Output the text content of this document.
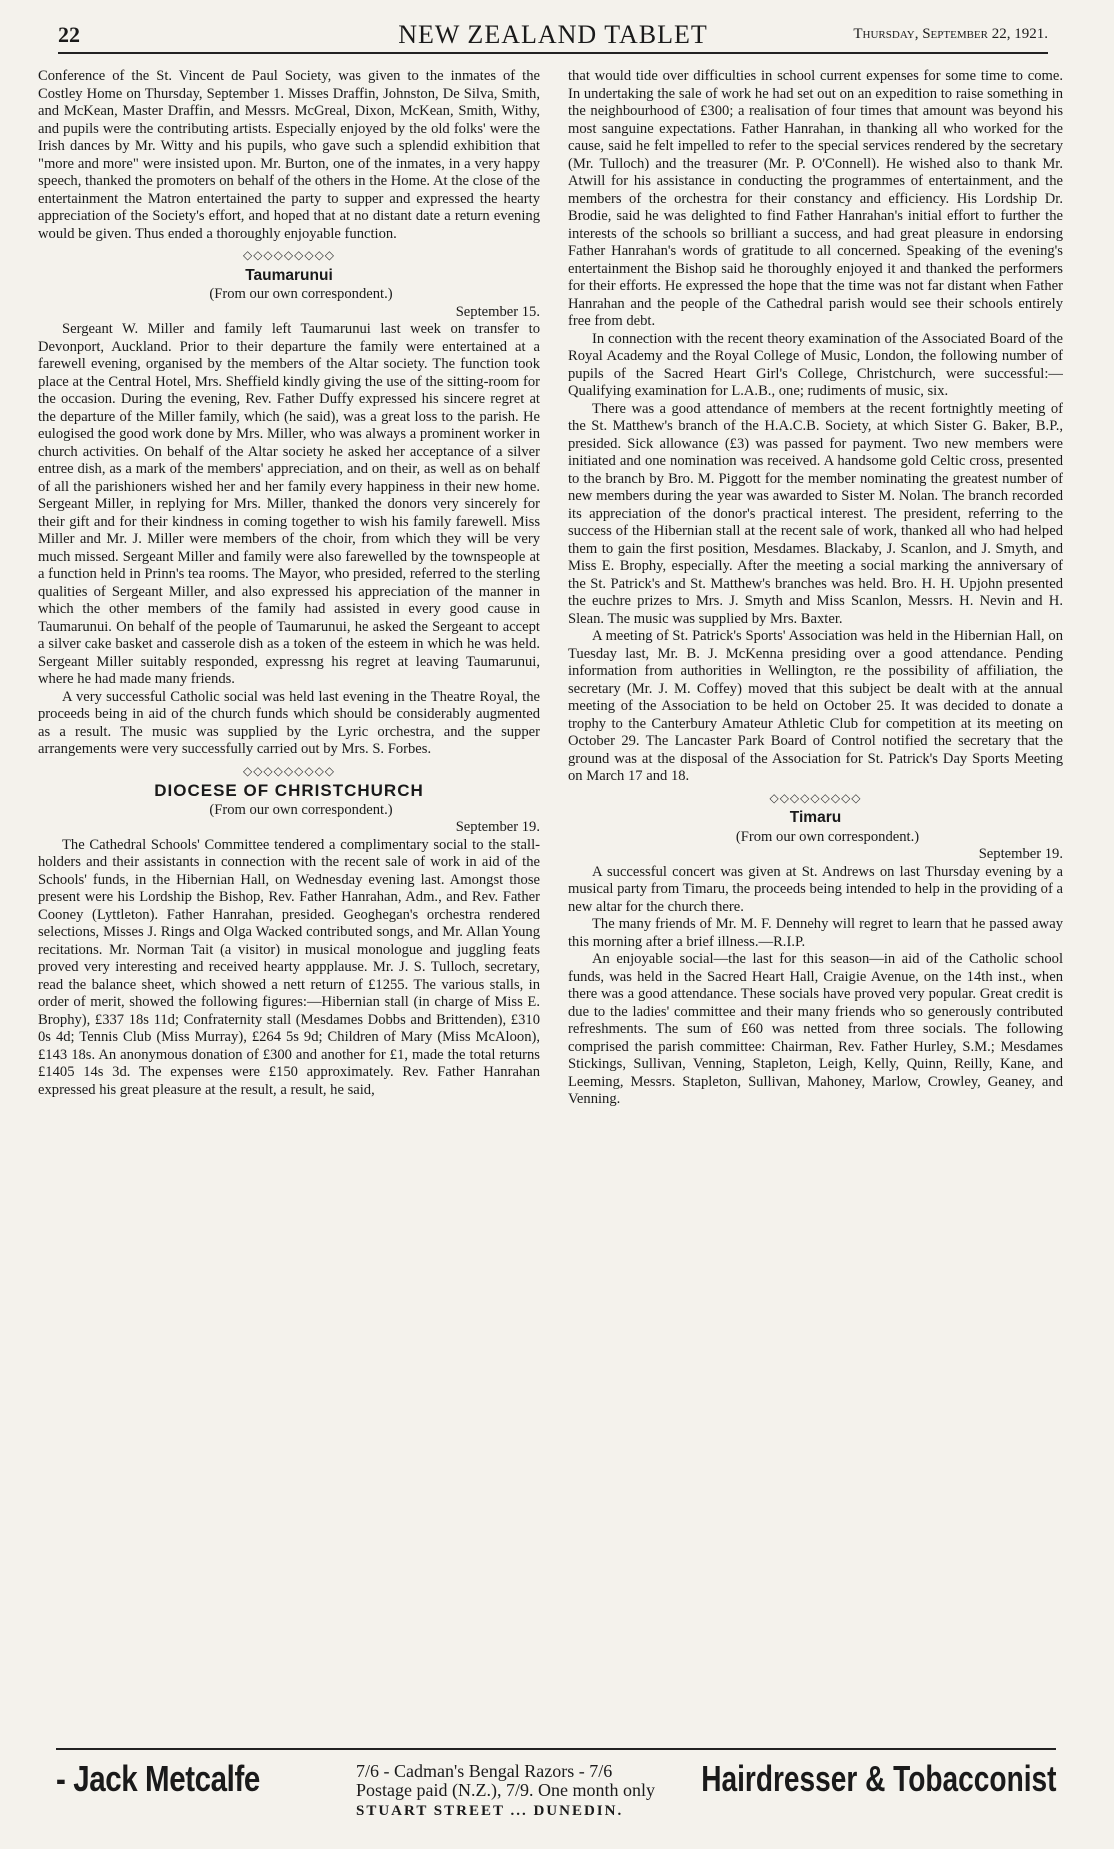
22	NEW ZEALAND TABLET	Thursday, September 22, 1921.

Conference of the St. Vincent de Paul Society, was given to the inmates of the Costley Home on Thursday, September 1. Misses Draffin, Johnston, De Silva, Smith, and McKean, Master Draffin, and Messrs. McGreal, Dixon, McKean, Smith, Withy, and pupils were the contributing artists. Especially enjoyed by the old folks' were the Irish dances by Mr. Witty and his pupils, who gave such a splendid exhibition that "more and more" were insisted upon. Mr. Burton, one of the inmates, in a very happy speech, thanked the promoters on behalf of the others in the Home. At the close of the entertainment the Matron entertained the party to supper and expressed the hearty appreciation of the Society's effort, and hoped that at no distant date a return evening would be given. Thus ended a thoroughly enjoyable function.

◇◇◇◇◇◇◇◇◇
Taumarunui

(From our own correspondent.)

September 15.

Sergeant W. Miller and family left Taumarunui last week on transfer to Devonport, Auckland. Prior to their departure the family were entertained at a farewell evening, organised by the members of the Altar society. The function took place at the Central Hotel, Mrs. Sheffield kindly giving the use of the sitting-room for the occasion. During the evening, Rev. Father Duffy expressed his sincere regret at the departure of the Miller family, which (he said), was a great loss to the parish. He eulogised the good work done by Mrs. Miller, who was always a prominent worker in church activities. On behalf of the Altar society he asked her acceptance of a silver entree dish, as a mark of the members' appreciation, and on their, as well as on behalf of all the parishioners wished her and her family every happiness in their new home. Sergeant Miller, in replying for Mrs. Miller, thanked the donors very sincerely for their gift and for their kindness in coming together to wish his family farewell. Miss Miller and Mr. J. Miller were members of the choir, from which they will be very much missed. Sergeant Miller and family were also farewelled by the townspeople at a function held in Prinn's tea rooms. The Mayor, who presided, referred to the sterling qualities of Sergeant Miller, and also expressed his appreciation of the manner in which the other members of the family had assisted in every good cause in Taumarunui. On behalf of the people of Taumarunui, he asked the Sergeant to accept a silver cake basket and casserole dish as a token of the esteem in which he was held. Sergeant Miller suitably responded, expressng his regret at leaving Taumarunui, where he had made many friends.

A very successful Catholic social was held last evening in the Theatre Royal, the proceeds being in aid of the church funds which should be considerably augmented as a result. The music was supplied by the Lyric orchestra, and the supper arrangements were very successfully carried out by Mrs. S. Forbes.

◇◇◇◇◇◇◇◇◇
DIOCESE OF CHRISTCHURCH

(From our own correspondent.)

September 19.

The Cathedral Schools' Committee tendered a complimentary social to the stall-holders and their assistants in connection with the recent sale of work in aid of the Schools' funds, in the Hibernian Hall, on Wednesday evening last. Amongst those present were his Lordship the Bishop, Rev. Father Hanrahan, Adm., and Rev. Father Cooney (Lyttleton). Father Hanrahan, presided. Geoghegan's orchestra rendered selections, Misses J. Rings and Olga Wacked contributed songs, and Mr. Allan Young recitations. Mr. Norman Tait (a visitor) in musical monologue and juggling feats proved very interesting and received hearty appplause. Mr. J. S. Tulloch, secretary, read the balance sheet, which showed a nett return of £1255. The various stalls, in order of merit, showed the following figures:—Hibernian stall (in charge of Miss E. Brophy), £337 18s 11d; Confraternity stall (Mesdames Dobbs and Brittenden), £310 0s 4d; Tennis Club (Miss Murray), £264 5s 9d; Children of Mary (Miss McAloon), £143 18s. An anonymous donation of £300 and another for £1, made the total returns £1405 14s 3d. The expenses were £150 approximately. Rev. Father Hanrahan expressed his great pleasure at the result, a result, he said,

that would tide over difficulties in school current expenses for some time to come. In undertaking the sale of work he had set out on an expedition to raise something in the neighbourhood of £300; a realisation of four times that amount was beyond his most sanguine expectations. Father Hanrahan, in thanking all who worked for the cause, said he felt impelled to refer to the special services rendered by the secretary (Mr. Tulloch) and the treasurer (Mr. P. O'Connell). He wished also to thank Mr. Atwill for his assistance in conducting the programmes of entertainment, and the members of the orchestra for their constancy and efficiency. His Lordship Dr. Brodie, said he was delighted to find Father Hanrahan's initial effort to further the interests of the schools so brilliant a success, and had great pleasure in endorsing Father Hanrahan's words of gratitude to all concerned. Speaking of the evening's entertainment the Bishop said he thoroughly enjoyed it and thanked the performers for their efforts. He expressed the hope that the time was not far distant when Father Hanrahan and the people of the Cathedral parish would see their schools entirely free from debt.

In connection with the recent theory examination of the Associated Board of the Royal Academy and the Royal College of Music, London, the following number of pupils of the Sacred Heart Girl's College, Christchurch, were successful:—Qualifying examination for L.A.B., one; rudiments of music, six.

There was a good attendance of members at the recent fortnightly meeting of the St. Matthew's branch of the H.A.C.B. Society, at which Sister G. Baker, B.P., presided. Sick allowance (£3) was passed for payment. Two new members were initiated and one nomination was received. A handsome gold Celtic cross, presented to the branch by Bro. M. Piggott for the member nominating the greatest number of new members during the year was awarded to Sister M. Nolan. The branch recorded its appreciation of the donor's practical interest. The president, referring to the success of the Hibernian stall at the recent sale of work, thanked all who had helped them to gain the first position, Mesdames. Blackaby, J. Scanlon, and J. Smyth, and Miss E. Brophy, especially. After the meeting a social marking the anniversary of the St. Patrick's and St. Matthew's branches was held. Bro. H. H. Upjohn presented the euchre prizes to Mrs. J. Smyth and Miss Scanlon, Messrs. H. Nevin and H. Slean. The music was supplied by Mrs. Baxter.

A meeting of St. Patrick's Sports' Association was held in the Hibernian Hall, on Tuesday last, Mr. B. J. McKenna presiding over a good attendance. Pending information from authorities in Wellington, re the possibility of affiliation, the secretary (Mr. J. M. Coffey) moved that this subject be dealt with at the annual meeting of the Association to be held on October 25. It was decided to donate a trophy to the Canterbury Amateur Athletic Club for competition at its meeting on October 29. The Lancaster Park Board of Control notified the secretary that the ground was at the disposal of the Association for St. Patrick's Day Sports Meeting on March 17 and 18.

◇◇◇◇◇◇◇◇◇
Timaru

(From our own correspondent.)

September 19.

A successful concert was given at St. Andrews on last Thursday evening by a musical party from Timaru, the proceeds being intended to help in the providing of a new altar for the church there.

The many friends of Mr. M. F. Dennehy will regret to learn that he passed away this morning after a brief illness.—R.I.P.

An enjoyable social—the last for this season—in aid of the Catholic school funds, was held in the Sacred Heart Hall, Craigie Avenue, on the 14th inst., when there was a good attendance. These socials have proved very popular. Great credit is due to the ladies' committee and their many friends who so generously contributed refreshments. The sum of £60 was netted from three socials. The following comprised the parish committee: Chairman, Rev. Father Hurley, S.M.; Mesdames Stickings, Sullivan, Venning, Stapleton, Leigh, Kelly, Quinn, Reilly, Kane, and Leeming, Messrs. Stapleton, Sullivan, Mahoney, Marlow, Crowley, Geaney, and Venning.

- Jack Metcalfe	7/6 - Cadman's Bengal Razors - 7/6
Postage paid (N.Z.), 7/9. One month only
STUART STREET ... DUNEDIN.
Hairdresser & Tobacconist
